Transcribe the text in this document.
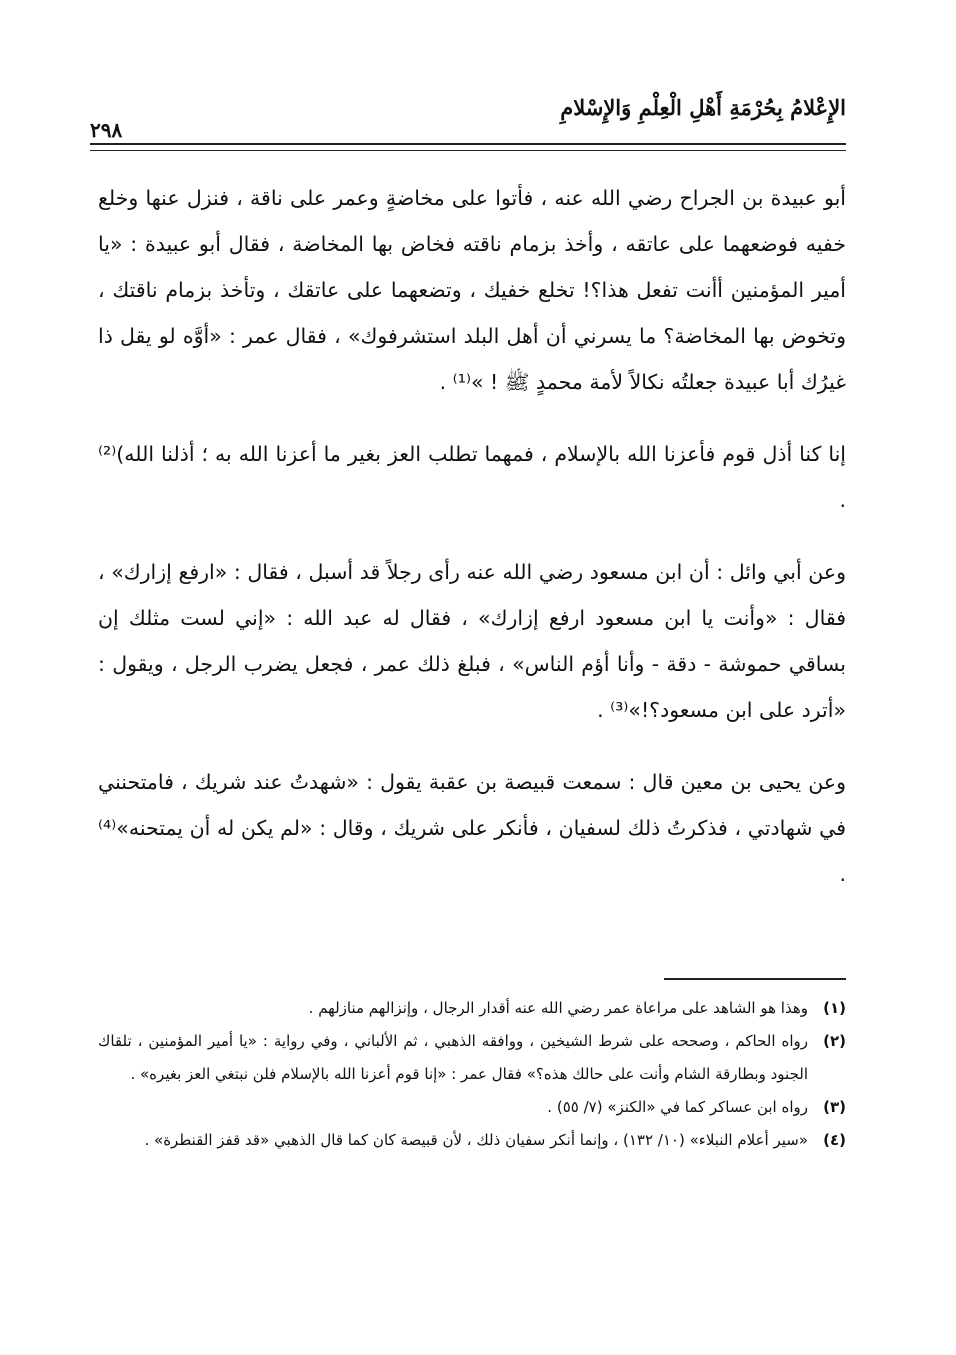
الإِعْلامُ بِحُرْمَةِ أَهْلِ الْعِلْمِ وَالإِسْلامِ
٢٩٨

أبو عبيدة بن الجراح رضي الله عنه ، فأتوا على مخاضةٍ وعمر على ناقة ، فنزل عنها وخلع خفيه فوضعهما على عاتقه ، وأخذ بزمام ناقته فخاض بها المخاضة ، فقال أبو عبيدة : «يا أمير المؤمنين أأنت تفعل هذا؟! تخلع خفيك ، وتضعهما على عاتقك ، وتأخذ بزمام ناقتك ، وتخوض بها المخاضة؟ ما يسرني أن أهل البلد استشرفوك» ، فقال عمر : «أوَّه لو يقل ذا غيرُك أبا عبيدة جعلتُه نكالاً لأمة محمدٍ ﷺ ! »⁽¹⁾ .

إنا كنا أذل قوم فأعزنا الله بالإسلام ، فمهما تطلب العز بغير ما أعزنا الله به ؛ أذلنا الله)⁽²⁾ .

وعن أبي وائل : أن ابن مسعود رضي الله عنه رأى رجلاً قد أسبل ، فقال : «ارفع إزارك» ، فقال : «وأنت يا ابن مسعود ارفع إزارك» ، فقال له عبد الله : «إني لست مثلك إن بساقي حموشة - دقة - وأنا أؤم الناس» ، فبلغ ذلك عمر ، فجعل يضرب الرجل ، ويقول : «أترد على ابن مسعود؟!»⁽³⁾ .

وعن يحيى بن معين قال : سمعت قبيصة بن عقبة يقول : «شهدتُ عند شريك ، فامتحنني في شهادتي ، فذكرتُ ذلك لسفيان ، فأنكر على شريك ، وقال : «لم يكن له أن يمتحنه»⁽⁴⁾ .

(١)
وهذا هو الشاهد على مراعاة عمر رضي الله عنه أقدار الرجال ، وإنزالهم منازلهم .
(٢)
رواه الحاكم ، وصححه على شرط الشيخين ، ووافقه الذهبي ، ثم الألباني ، وفي رواية : «يا أمير المؤمنين ، تلقاك الجنود وبطارقة الشام وأنت على حالك هذه؟» فقال عمر : «إنا قوم أعزنا الله بالإسلام فلن نبتغي العز بغيره» .
(٣)
رواه ابن عساكر كما في «الكنز» (٧/ ٥٥) .
(٤)
«سير أعلام النبلاء» (١٠/ ١٣٢) ، وإنما أنكر سفيان ذلك ، لأن قبيصة كان كما قال الذهبي «قد قفز القنطرة» .
